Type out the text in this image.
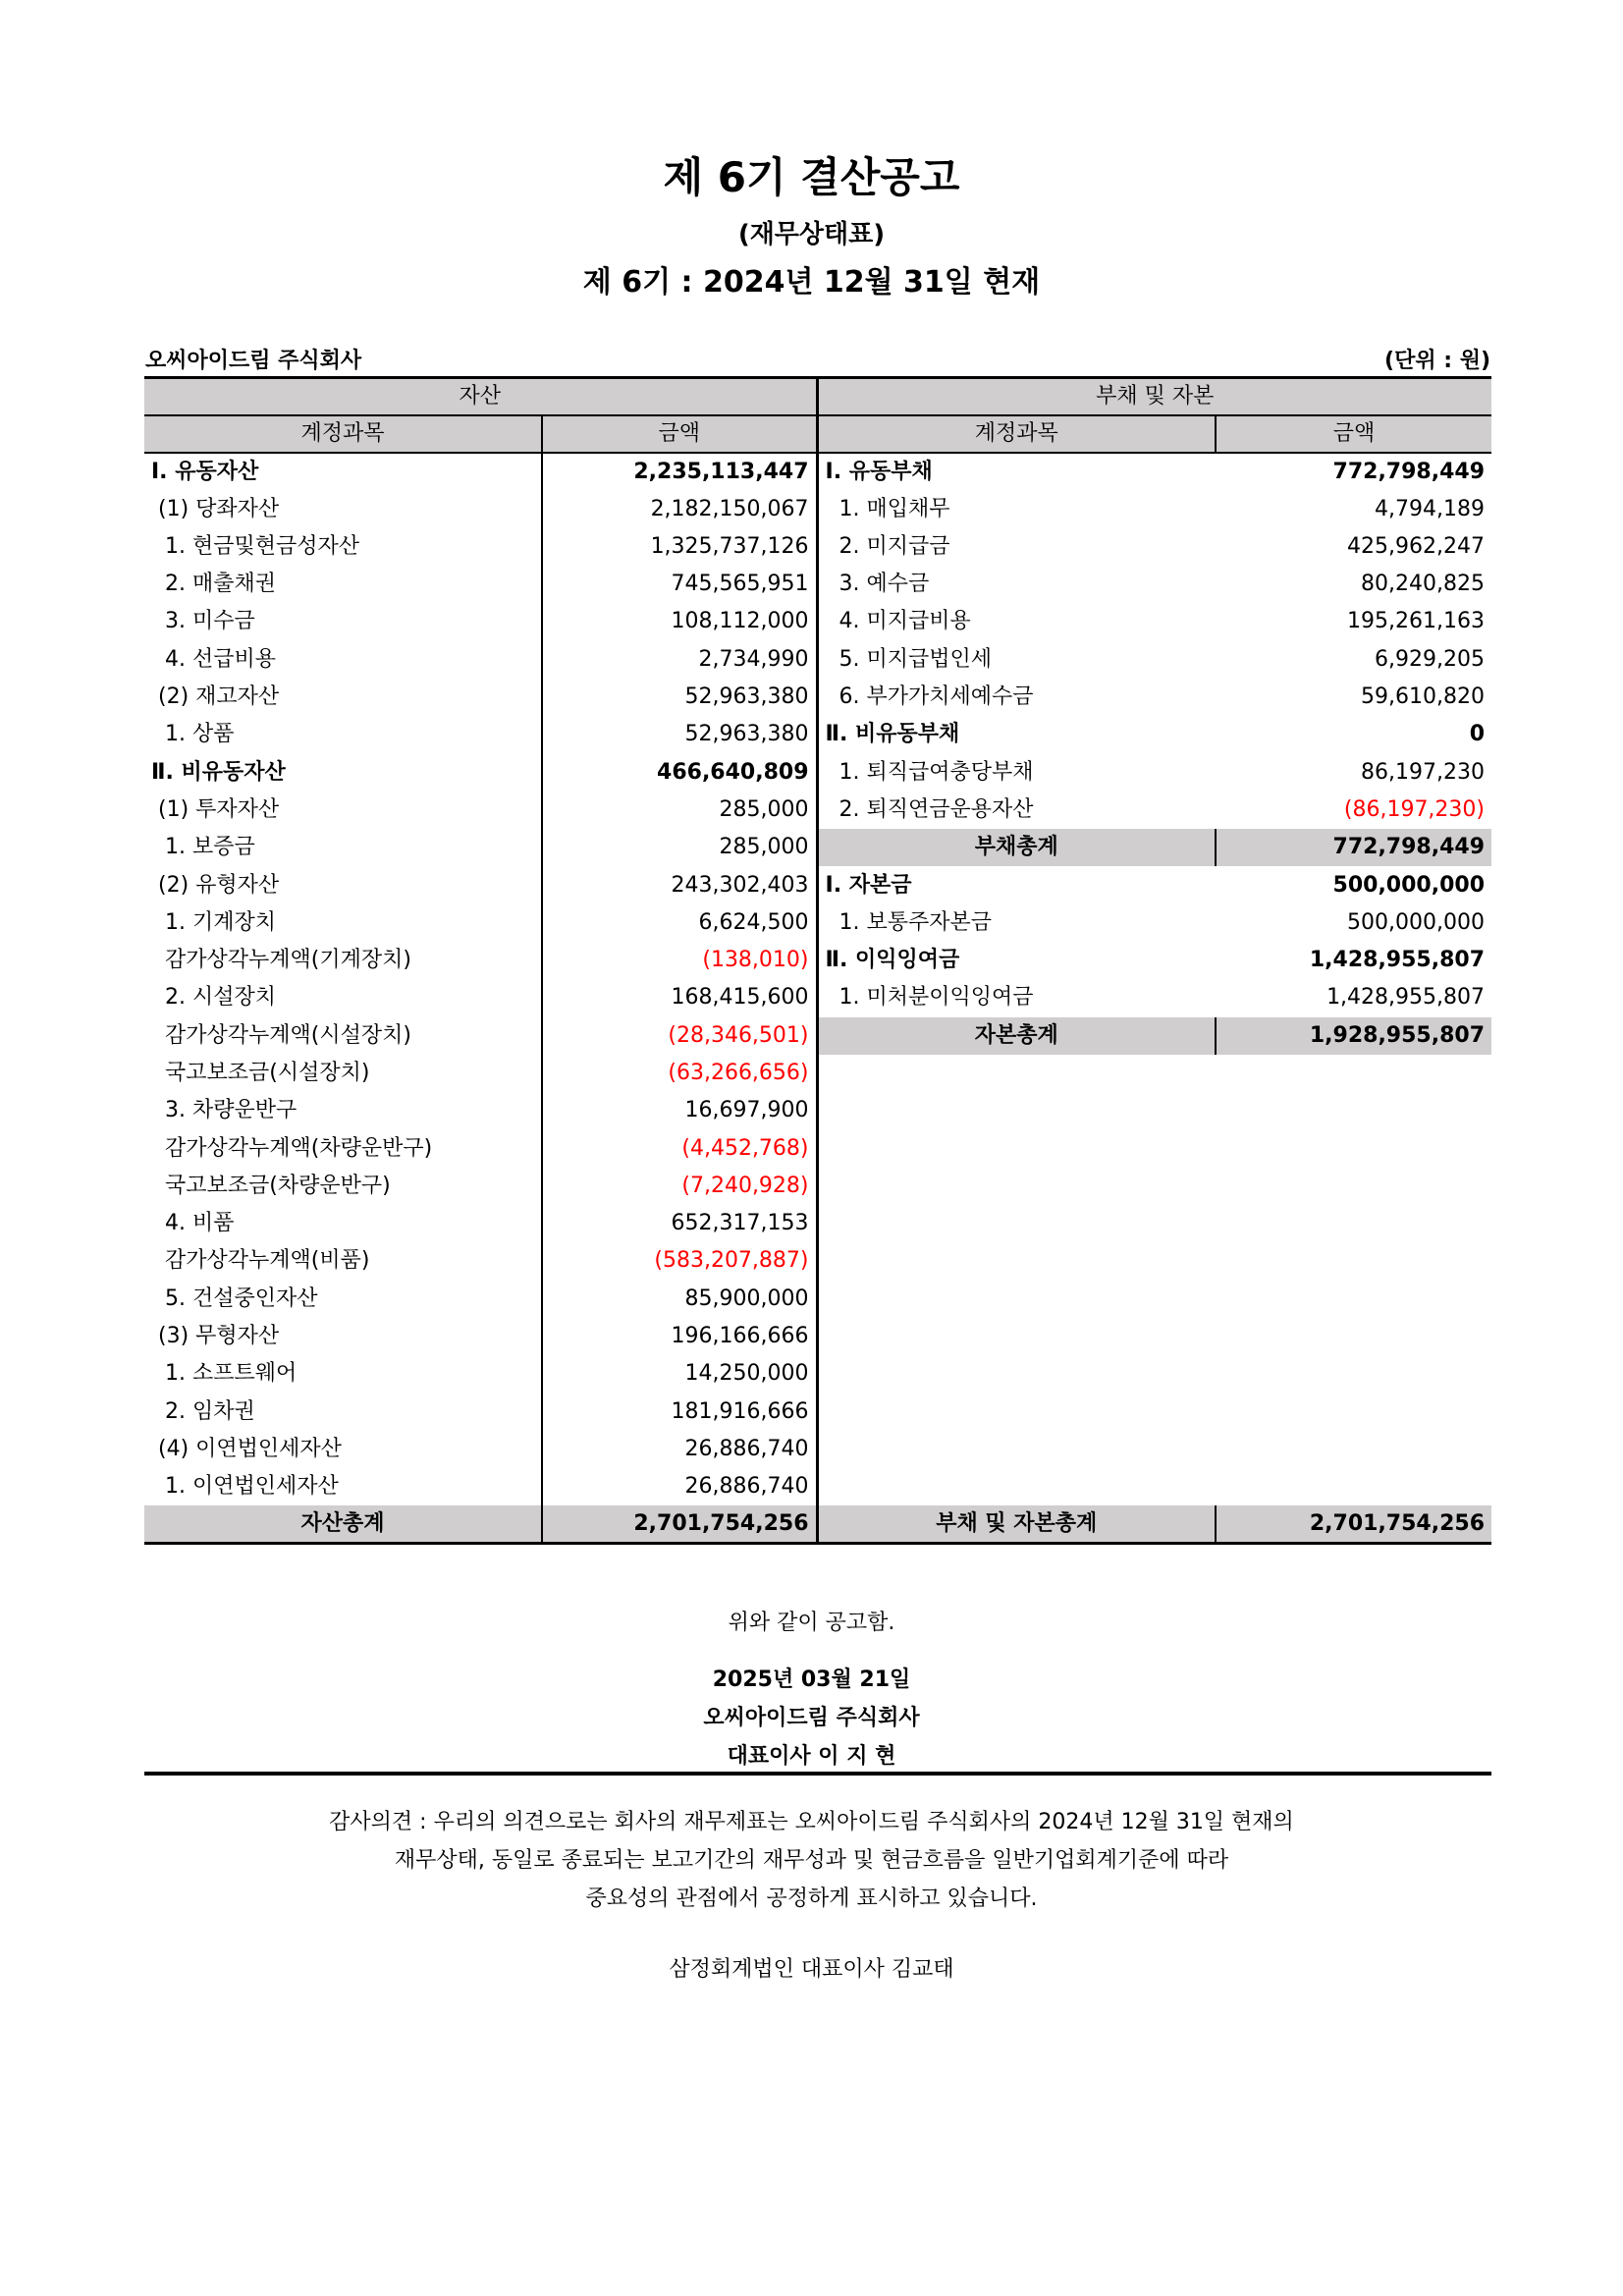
제 6기 결산공고
(재무상태표)
제 6기 : 2024년 12월 31일 현재
오씨아이드림 주식회사	(단위 : 원)
자산		부채 및 자본	
계정과목	금액	계정과목	금액
Ⅰ. 유동자산	2,235,113,447	Ⅰ. 유동부채	772,798,449
(1) 당좌자산	2,182,150,067	1. 매입채무	4,794,189
1. 현금및현금성자산	1,325,737,126	2. 미지급금	425,962,247
2. 매출채권	745,565,951	3. 예수금	80,240,825
3. 미수금	108,112,000	4. 미지급비용	195,261,163
4. 선급비용	2,734,990	5. 미지급법인세	6,929,205
(2) 재고자산	52,963,380	6. 부가가치세예수금	59,610,820
1. 상품	52,963,380	Ⅱ. 비유동부채	0
Ⅱ. 비유동자산	466,640,809	1. 퇴직급여충당부채	86,197,230
(1) 투자자산	285,000	2. 퇴직연금운용자산	(86,197,230)
1. 보증금	285,000	부채총계	772,798,449
(2) 유형자산	243,302,403	Ⅰ. 자본금	500,000,000
1. 기계장치	6,624,500	1. 보통주자본금	500,000,000
감가상각누계액(기계장치)	(138,010)	Ⅱ. 이익잉여금	1,428,955,807
2. 시설장치	168,415,600	1. 미처분이익잉여금	1,428,955,807
감가상각누계액(시설장치)	(28,346,501)	자본총계	1,928,955,807
국고보조금(시설장치)	(63,266,656)		
3. 차량운반구	16,697,900		
감가상각누계액(차량운반구)	(4,452,768)		
국고보조금(차량운반구)	(7,240,928)		
4. 비품	652,317,153		
감가상각누계액(비품)	(583,207,887)		
5. 건설중인자산	85,900,000		
(3) 무형자산	196,166,666		
1. 소프트웨어	14,250,000		
2. 임차권	181,916,666		
(4) 이연법인세자산	26,886,740		
1. 이연법인세자산	26,886,740		
자산총계	2,701,754,256	부채 및 자본총계	2,701,754,256
위와 같이 공고함.
2025년 03월 21일
오씨아이드림 주식회사
대표이사 이 지 현
감사의견 : 우리의 의견으로는 회사의 재무제표는 오씨아이드림 주식회사의 2024년 12월 31일 현재의
재무상태, 동일로 종료되는 보고기간의 재무성과 및 현금흐름을 일반기업회계기준에 따라
중요성의 관점에서 공정하게 표시하고 있습니다.
삼정회계법인 대표이사 김교태
